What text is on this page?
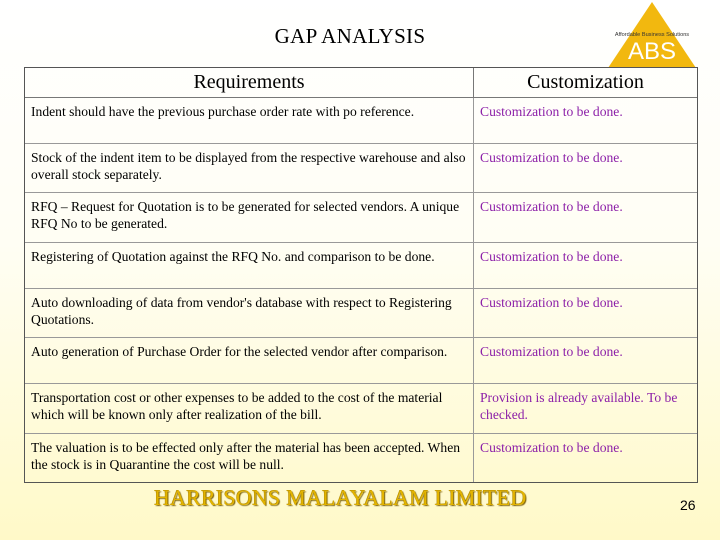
GAP ANALYSIS	Affordable Business Solutions
ABS
Requirements	Customization
Indent should have the previous purchase order rate with po reference.	Customization to be done.
Stock of the indent item to be displayed from the respective warehouse and also overall stock separately.	Customization to be done.
RFQ – Request for Quotation is to be generated for selected vendors. A unique RFQ No to be generated.	Customization to be done.
Registering of Quotation against the RFQ No. and comparison to be done.	Customization to be done.
Auto downloading of data from vendor's database with respect to Registering Quotations.	Customization to be done.
Auto generation of Purchase Order for the selected vendor after comparison.	Customization to be done.
Transportation cost or other expenses to be added to the cost of the material which will be known only after realization of the bill.	Provision is already available. To be checked.
The valuation is to be effected only after the material has been accepted. When the stock is in Quarantine the cost will be null.	Customization to be done.
HARRISONS MALAYALAM LIMITED	26
